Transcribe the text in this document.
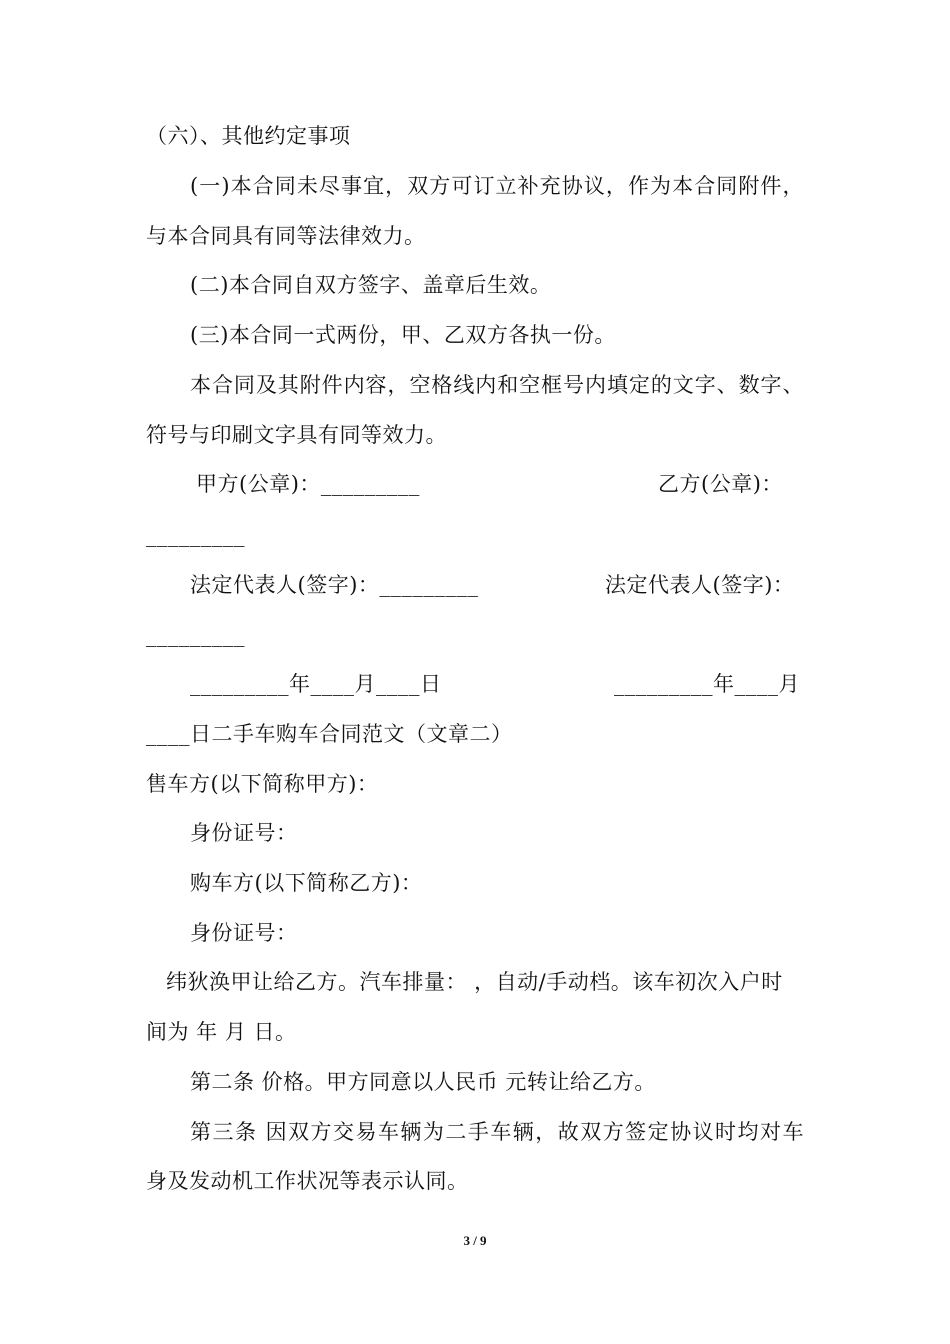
（六）、其他约定事项
(一)本合同未尽事宜，双方可订立补充协议，作为本合同附件，
与本合同具有同等法律效力。
(二)本合同自双方签字、盖章后生效。
(三)本合同一式两份，甲、乙双方各执一份。
本合同及其附件内容，空格线内和空框号内填定的文字、数字、
符号与印刷文字具有同等效力。
甲方(公章)：_________	乙方(公章)：
_________
法定代表人(签字)：_________	法定代表人(签字)：
_________
_________年____月____日	_________年____月
____日二手车购车合同范文（文章二）
售车方(以下简称甲方)：
身份证号：
购车方(以下简称乙方)：
身份证号：
纬狄涣甲让给乙方。汽车排量： ，自动/手动档。该车初次入户时
间为 年 月 日。
第二条 价格。甲方同意以人民币 元转让给乙方。
第三条 因双方交易车辆为二手车辆，故双方签定协议时均对车
身及发动机工作状况等表示认同。
3 / 9
